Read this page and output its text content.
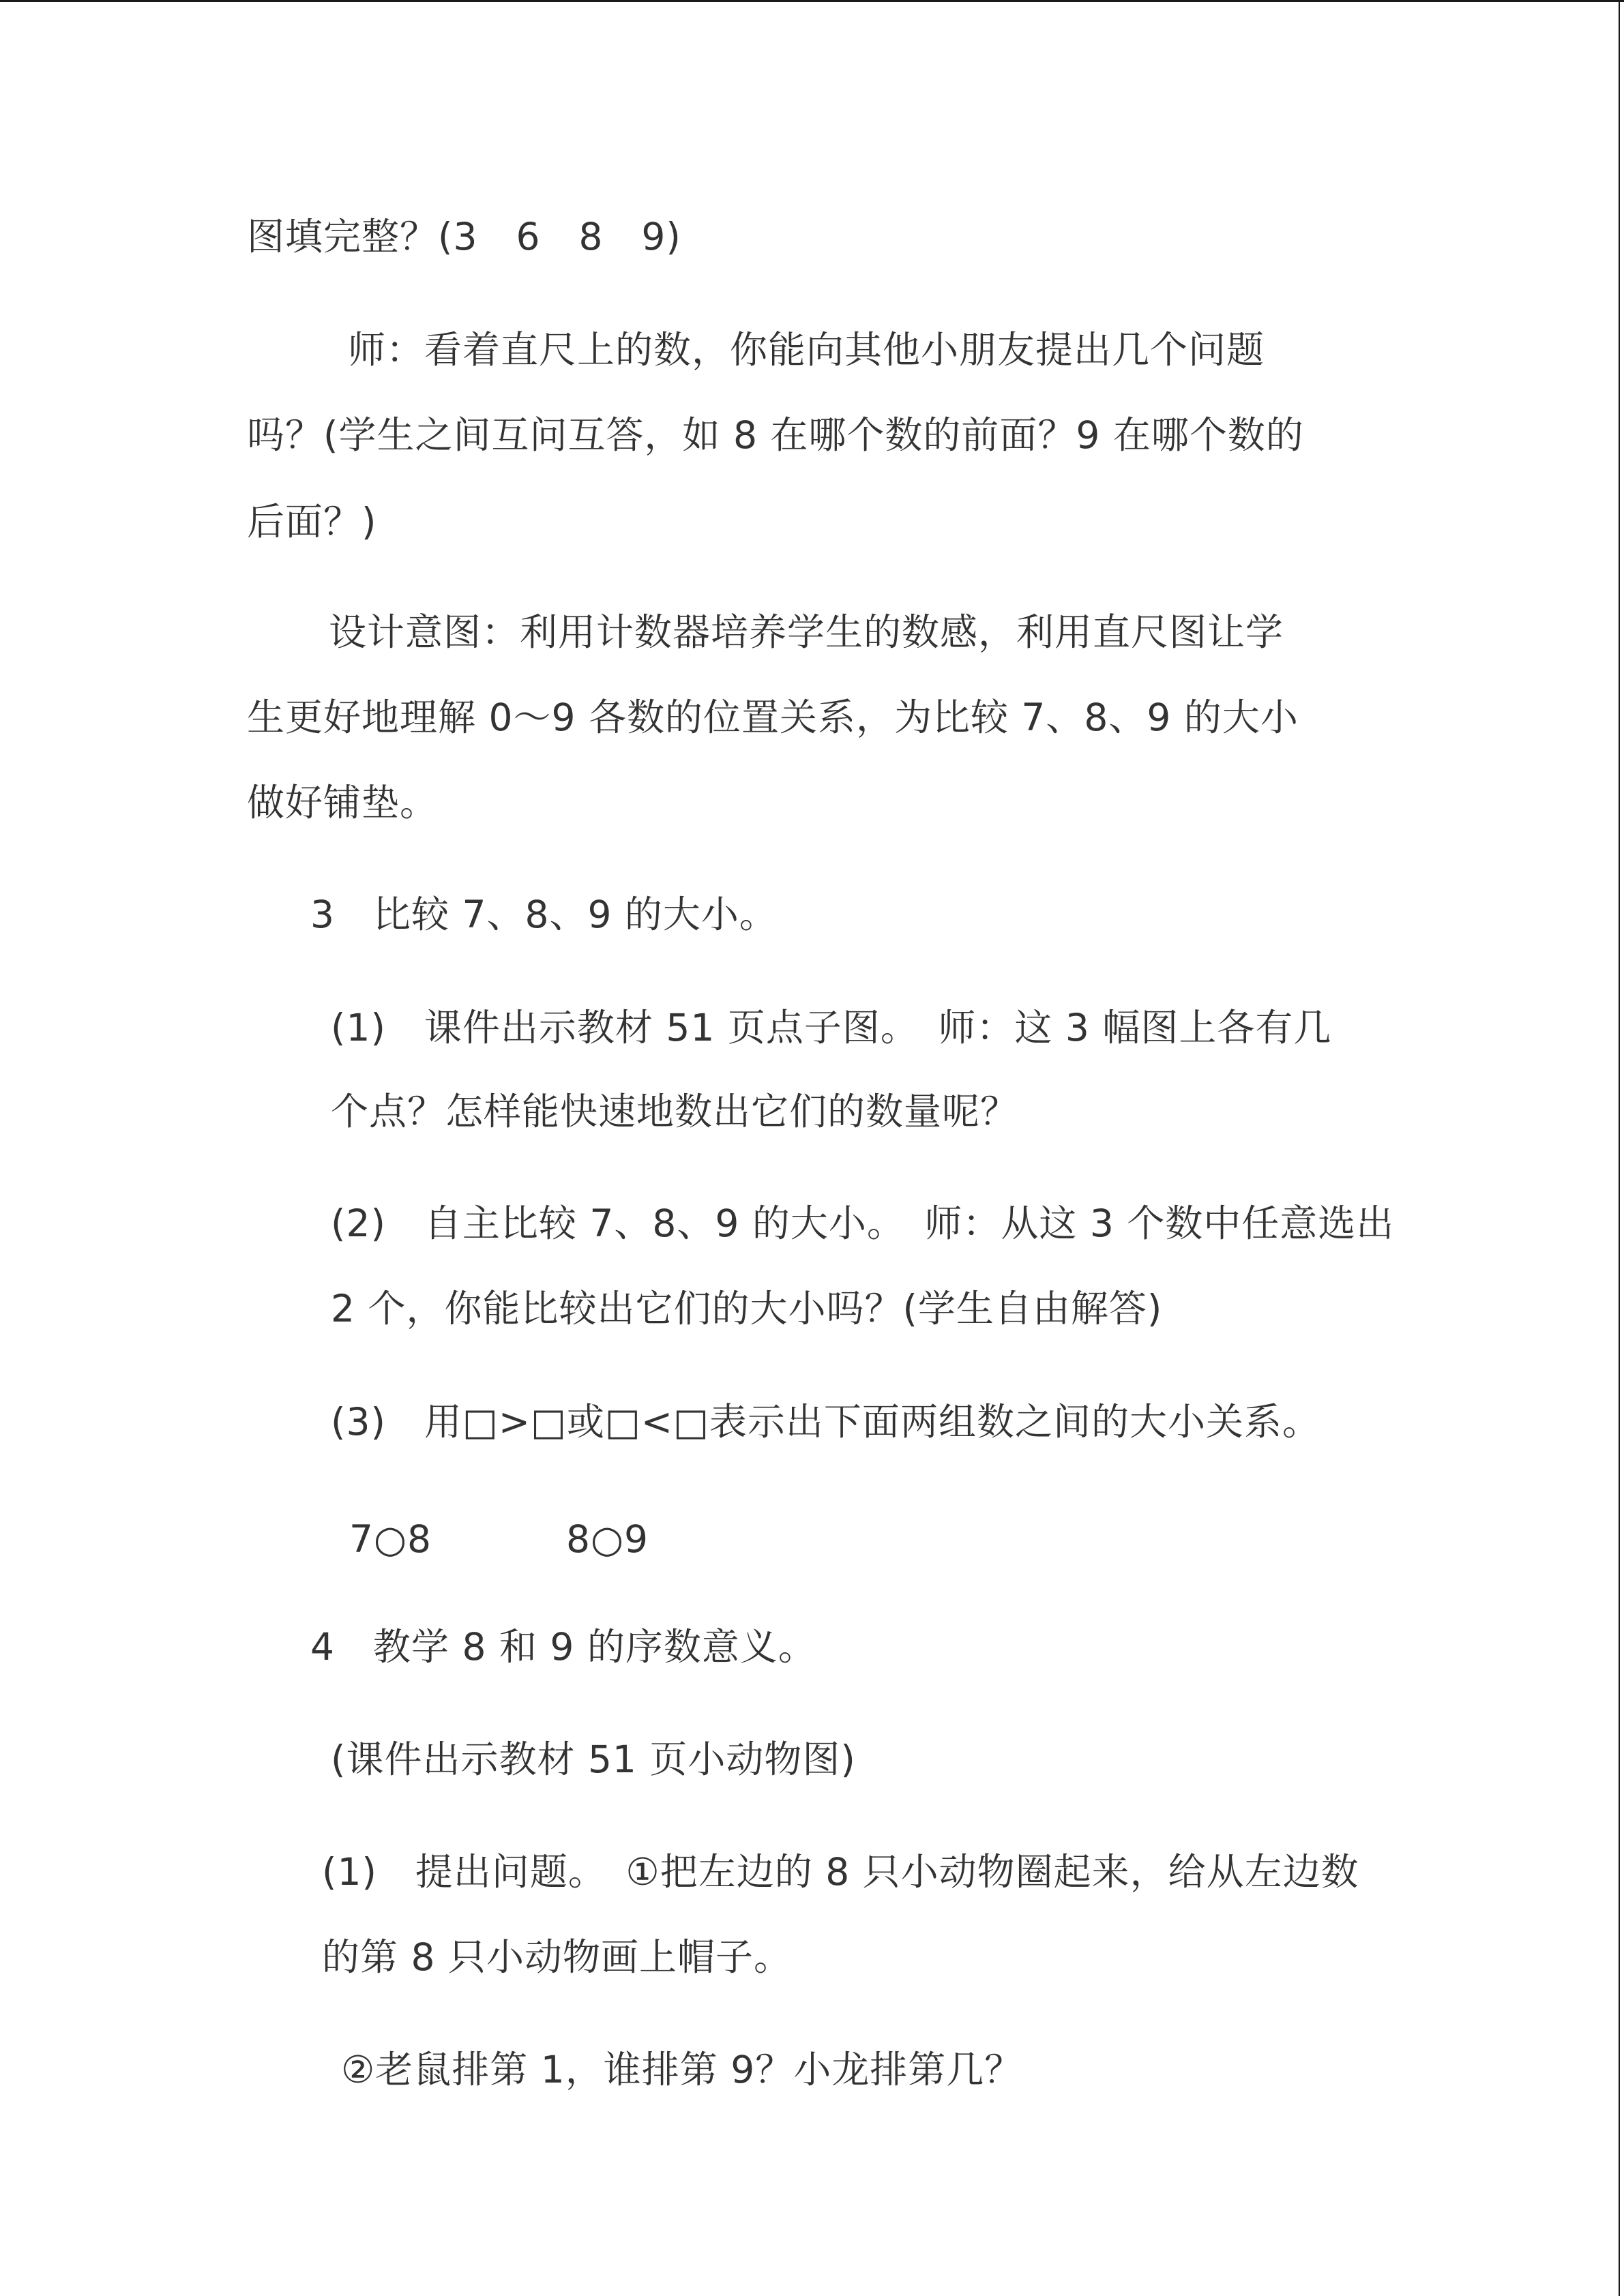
图填完整？(3　6　8　9)
师：看着直尺上的数，你能向其他小朋友提出几个问题
吗？(学生之间互问互答，如 8 在哪个数的前面？9 在哪个数的
后面？)
设计意图：利用计数器培养学生的数感，利用直尺图让学
生更好地理解 0～9 各数的位置关系，为比较 7、8、9 的大小
做好铺垫。
3　比较 7、8、9 的大小。
(1)　课件出示教材 51 页点子图。　师：这 3 幅图上各有几
个点？怎样能快速地数出它们的数量呢？
(2)　自主比较 7、8、9 的大小。　师：从这 3 个数中任意选出
2 个，你能比较出它们的大小吗？(学生自由解答)
(3)　用□>□或□<□表示出下面两组数之间的大小关系。
7○8	8○9
4　教学 8 和 9 的序数意义。
(课件出示教材 51 页小动物图)
(1)　提出问题。　①把左边的 8 只小动物圈起来，给从左边数
的第 8 只小动物画上帽子。
②老鼠排第 1，谁排第 9？小龙排第几？
